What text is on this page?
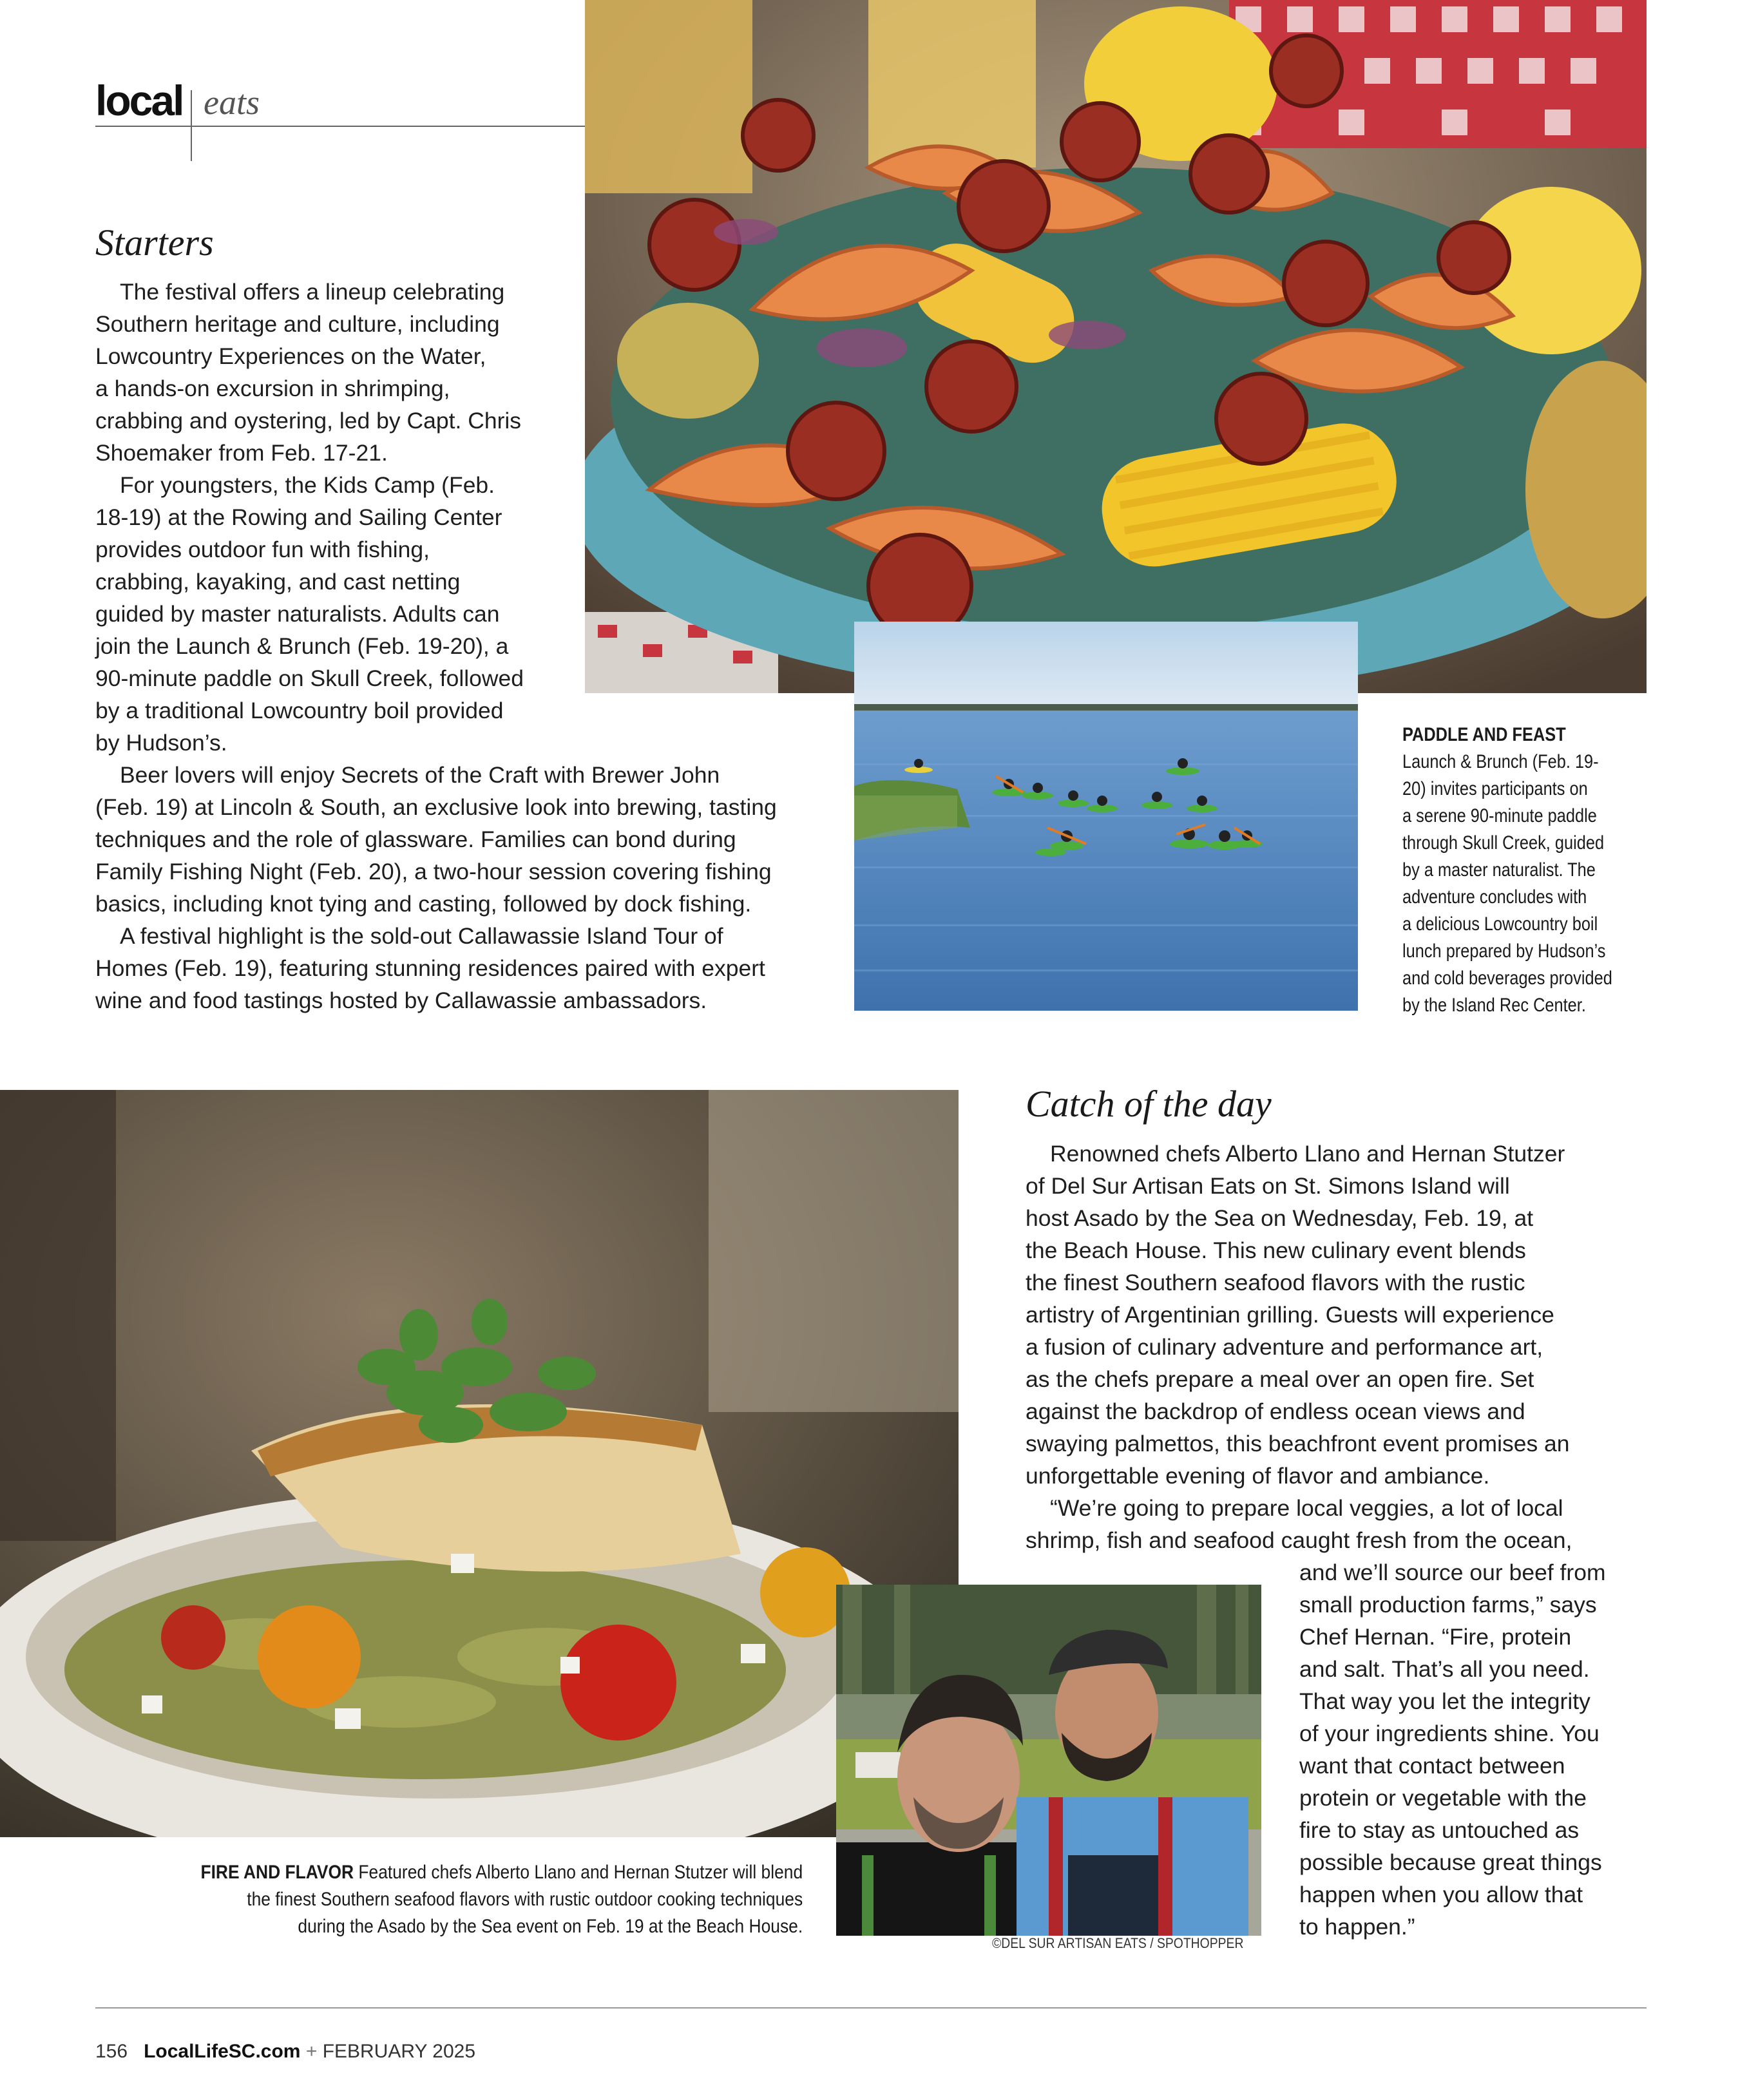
local eats
Starters
The festival offers a lineup celebrating
Southern heritage and culture, including
Lowcountry Experiences on the Water,
a hands-on excursion in shrimping,
crabbing and oystering, led by Capt. Chris
Shoemaker from Feb. 17-21.
For youngsters, the Kids Camp (Feb.
18-19) at the Rowing and Sailing Center
provides outdoor fun with fishing,
crabbing, kayaking, and cast netting
guided by master naturalists. Adults can
join the Launch & Brunch (Feb. 19-20), a
90-minute paddle on Skull Creek, followed
by a traditional Lowcountry boil provided
by Hudson’s.
Beer lovers will enjoy Secrets of the Craft with Brewer John
(Feb. 19) at Lincoln & South, an exclusive look into brewing, tasting
techniques and the role of glassware. Families can bond during
Family Fishing Night (Feb. 20), a two-hour session covering fishing
basics, including knot tying and casting, followed by dock fishing.
A festival highlight is the sold-out Callawassie Island Tour of
Homes (Feb. 19), featuring stunning residences paired with expert
wine and food tastings hosted by Callawassie ambassadors.
PADDLE AND FEAST
Launch & Brunch (Feb. 19-
20) invites participants on
a serene 90-minute paddle
through Skull Creek, guided
by a master naturalist. The
adventure concludes with
a delicious Lowcountry boil
lunch prepared by Hudson’s
and cold beverages provided
by the Island Rec Center.
FIRE AND FLAVOR Featured chefs Alberto Llano and Hernan Stutzer will blend
the finest Southern seafood flavors with rustic outdoor cooking techniques
during the Asado by the Sea event on Feb. 19 at the Beach House.
©DEL SUR ARTISAN EATS / SPOTHOPPER
Catch of the day
Renowned chefs Alberto Llano and Hernan Stutzer
of Del Sur Artisan Eats on St. Simons Island will
host Asado by the Sea on Wednesday, Feb. 19, at
the Beach House. This new culinary event blends
the finest Southern seafood flavors with the rustic
artistry of Argentinian grilling. Guests will experience
a fusion of culinary adventure and performance art,
as the chefs prepare a meal over an open fire. Set
against the backdrop of endless ocean views and
swaying palmettos, this beachfront event promises an
unforgettable evening of flavor and ambiance.
“We’re going to prepare local veggies, a lot of local
shrimp, fish and seafood caught fresh from the ocean,
and we’ll source our beef from
small production farms,” says
Chef Hernan. “Fire, protein
and salt. That’s all you need.
That way you let the integrity
of your ingredients shine. You
want that contact between
protein or vegetable with the
fire to stay as untouched as
possible because great things
happen when you allow that
to happen.”
156 LocalLifeSC.com + FEBRUARY 2025
